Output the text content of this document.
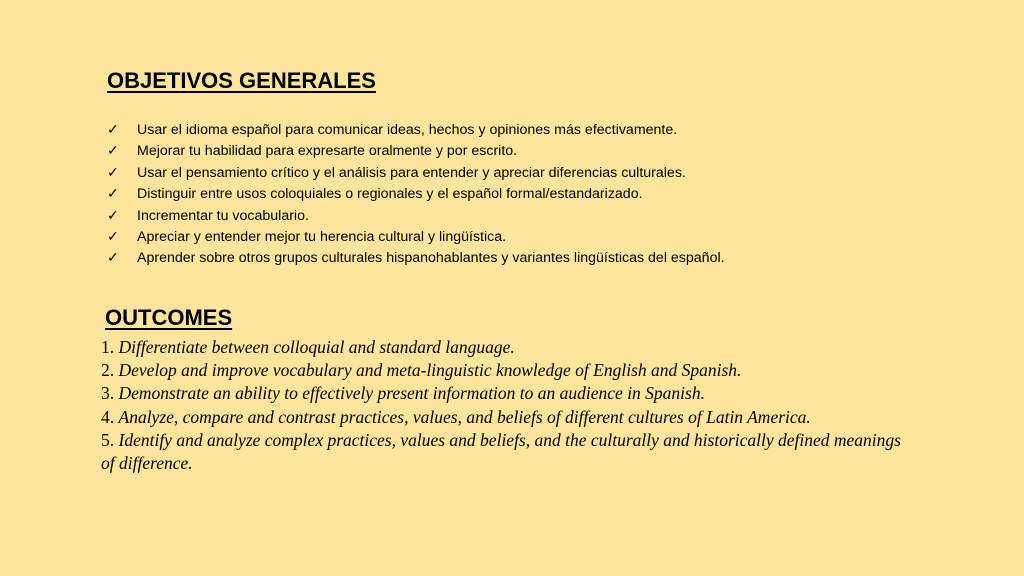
OBJETIVOS GENERALES
✓	Usar el idioma español para comunicar ideas, hechos y opiniones más efectivamente.
✓	Mejorar tu habilidad para expresarte oralmente y por escrito.
✓	Usar el pensamiento crítico y el análisis para entender y apreciar diferencias culturales.
✓	Distinguir entre usos coloquiales o regionales y el español formal/estandarizado.
✓	Incrementar tu vocabulario.
✓	Apreciar y entender mejor tu herencia cultural y lingüística.
✓	Aprender sobre otros grupos culturales hispanohablantes y variantes lingüísticas del español.
OUTCOMES
1. Differentiate between colloquial and standard language.
2. Develop and improve vocabulary and meta-linguistic knowledge of English and Spanish.
3. Demonstrate an ability to effectively present information to an audience in Spanish.
4. Analyze, compare and contrast practices, values, and beliefs of different cultures of Latin America.
5. Identify and analyze complex practices, values and beliefs, and the culturally and historically defined meanings of difference.
